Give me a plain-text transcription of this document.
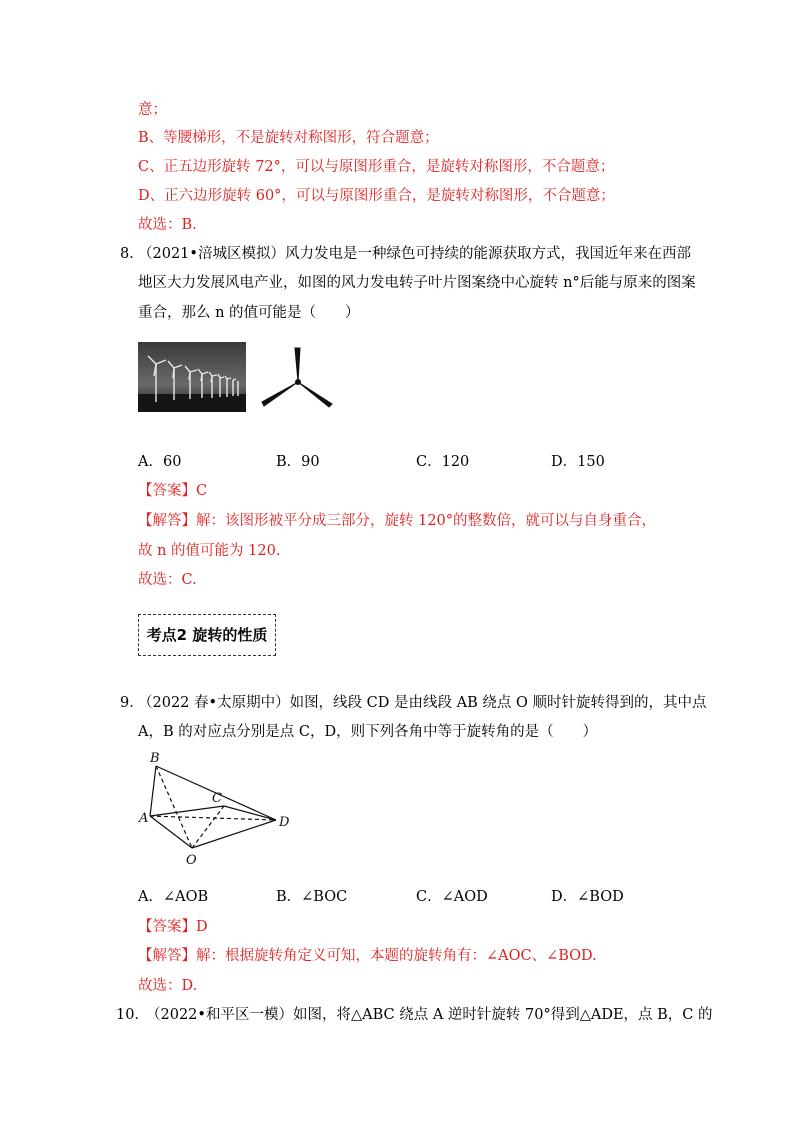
意；
B、等腰梯形，不是旋转对称图形，符合题意；
C、正五边形旋转 72°，可以与原图形重合，是旋转对称图形，不合题意；
D、正六边形旋转 60°，可以与原图形重合，是旋转对称图形，不合题意；
故选：B.
8．
（2021•涪城区模拟）风力发电是一种绿色可持续的能源获取方式，我国近年来在西部
地区大力发展风电产业，如图的风力发电转子叶片图案绕中心旋转 n°后能与原来的图案
重合，那么 n 的值可能是（　　）
A．60	B．90	C．120	D．150
【答案】C
【解答】解：该图形被平分成三部分，旋转 120°的整数倍，就可以与自身重合，
故 n 的值可能为 120.
故选：C.
考点2 旋转的性质
9．
（2022 春•太原期中）如图，线段 CD 是由线段 AB 绕点 O 顺时针旋转得到的，其中点
A，B 的对应点分别是点 C，D，则下列各角中等于旋转角的是（　　）
B
A
C
D
O
A．∠AOB	B．∠BOC	C．∠AOD	D．∠BOD
【答案】D
【解答】解：根据旋转角定义可知，本题的旋转角有：∠AOC、∠BOD.
故选：D.
10．
（2022•和平区一模）如图，将△ABC 绕点 A 逆时针旋转 70°得到△ADE，点 B，C 的
